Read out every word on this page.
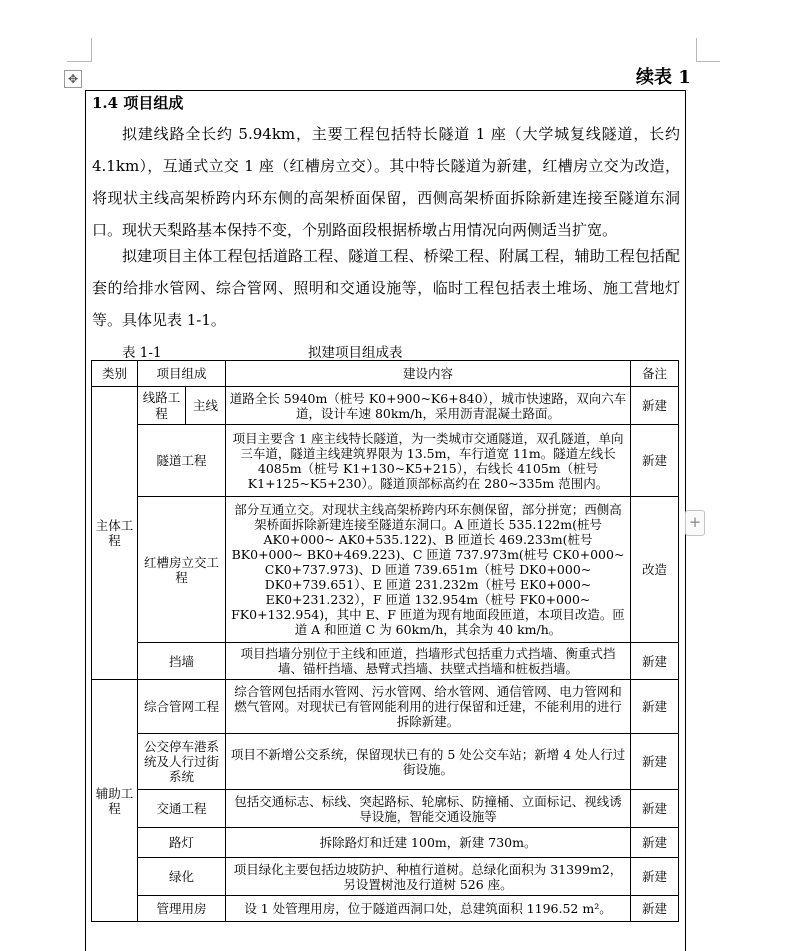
✥	续表 1
1.4 项目组成

拟建线路全长约 5.94km，主要工程包括特长隧道 1 座（大学城复线隧道，长约 4.1km），互通式立交 1 座（红槽房立交）。其中特长隧道为新建，红槽房立交为改造，将现状主线高架桥跨内环东侧的高架桥面保留，西侧高架桥面拆除新建连接至隧道东洞口。现状天梨路基本保持不变，个别路面段根据桥墩占用情况向两侧适当扩宽。

拟建项目主体工程包括道路工程、隧道工程、桥梁工程、附属工程，辅助工程包括配套的给排水管网、综合管网、照明和交通设施等，临时工程包括表土堆场、施工营地灯等。具体见表 1-1。

表 1-1	拟建项目组成表
类别	项目组成		建设内容	备注
主体工程	线路工程	主线	道路全长 5940m（桩号 K0+900~K6+840），城市快速路，双向六车道，设计车速 80km/h，采用沥青混凝土路面。	新建
	隧道工程		项目主要含 1 座主线特长隧道，为一类城市交通隧道，双孔隧道，单向三车道，隧道主线建筑界限为 13.5m，车行道宽 11m。隧道左线长 4085m（桩号 K1+130~K5+215），右线长 4105m（桩号 K1+125~K5+230）。隧道顶部标高约在 280~335m 范围内。	新建
	红槽房立交工程		部分互通立交。对现状主线高架桥跨内环东侧保留，部分拼宽；西侧高架桥面拆除新建连接至隧道东洞口。A 匝道长 535.122m(桩号 AK0+000~ AK0+535.122)、B 匝道长 469.233m(桩号 BK0+000~ BK0+469.223)、C 匝道 737.973m(桩号 CK0+000~ CK0+737.973)、D 匝道 739.651m（桩号 DK0+000~ DK0+739.651）、E 匝道 231.232m（桩号 EK0+000~ EK0+231.232），F 匝道 132.954m（桩号 FK0+000~ FK0+132.954)，其中 E、F 匝道为现有地面段匝道，本项目改造。匝道 A 和匝道 C 为 60km/h，其余为 40 km/h。	改造
	挡墙		项目挡墙分别位于主线和匝道，挡墙形式包括重力式挡墙、衡重式挡墙、锚杆挡墙、悬臂式挡墙、扶壁式挡墙和桩板挡墙。	新建
辅助工程	综合管网工程		综合管网包括雨水管网、污水管网、给水管网、通信管网、电力管网和燃气管网。对现状已有管网能利用的进行保留和迁建，不能利用的进行拆除新建。	新建
	公交停车港系统及人行过街系统		项目不新增公交系统，保留现状已有的 5 处公交车站；新增 4 处人行过街设施。	新建
	交通工程		包括交通标志、标线、突起路标、轮廓标、防撞桶、立面标记、视线诱导设施，智能交通设施等	新建
	路灯		拆除路灯和迁建 100m，新建 730m。	新建
	绿化		项目绿化主要包括边坡防护、种植行道树。总绿化面积为 31399m2，另设置树池及行道树 526 座。	新建
	管理用房		设 1 处管理用房，位于隧道西洞口处，总建筑面积 1196.52 m²。	新建
+
